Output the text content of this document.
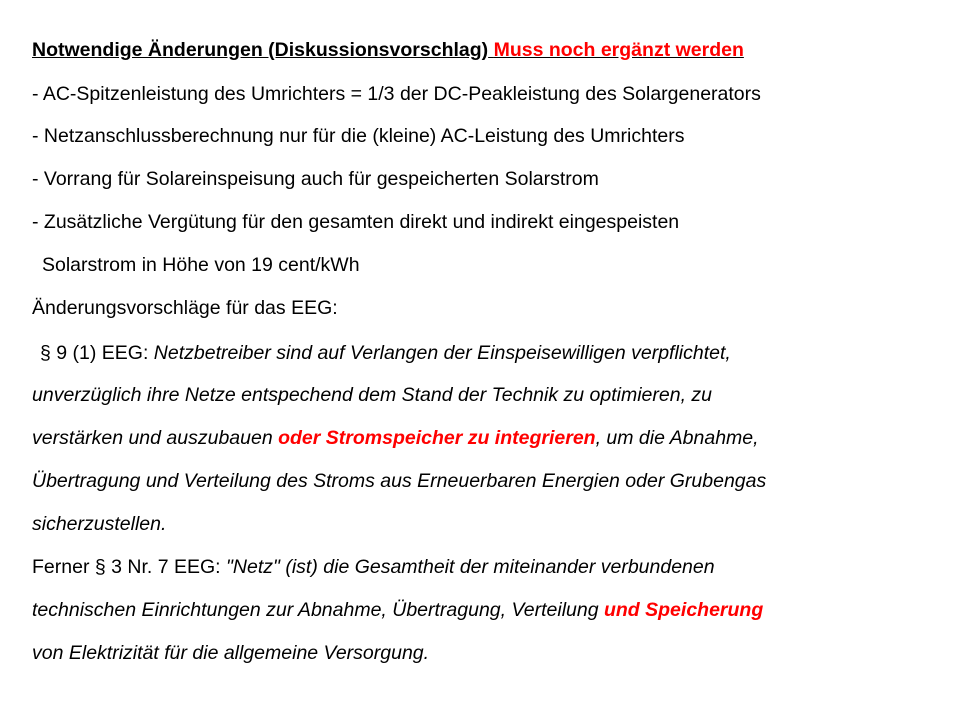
Notwendige Änderungen (Diskussionsvorschlag) Muss noch ergänzt werden
- AC-Spitzenleistung des Umrichters = 1/3 der DC-Peakleistung des Solargenerators
- Netzanschlussberechnung nur für die (kleine) AC-Leistung des Umrichters
- Vorrang für Solareinspeisung auch für gespeicherten Solarstrom
- Zusätzliche Vergütung für den gesamten direkt und indirekt eingespeisten
Solarstrom in Höhe von 19 cent/kWh
Änderungsvorschläge für das EEG:
§ 9 (1) EEG: Netzbetreiber sind auf Verlangen der Einspeisewilligen verpflichtet,
unverzüglich ihre Netze entspechend dem Stand der Technik zu optimieren, zu
verstärken und auszubauen oder Stromspeicher zu integrieren, um die Abnahme,
Übertragung und Verteilung des Stroms aus Erneuerbaren Energien oder Grubengas
sicherzustellen.
Ferner § 3 Nr. 7 EEG: "Netz" (ist) die Gesamtheit der miteinander verbundenen
technischen Einrichtungen zur Abnahme, Übertragung, Verteilung und Speicherung
von Elektrizität für die allgemeine Versorgung.
